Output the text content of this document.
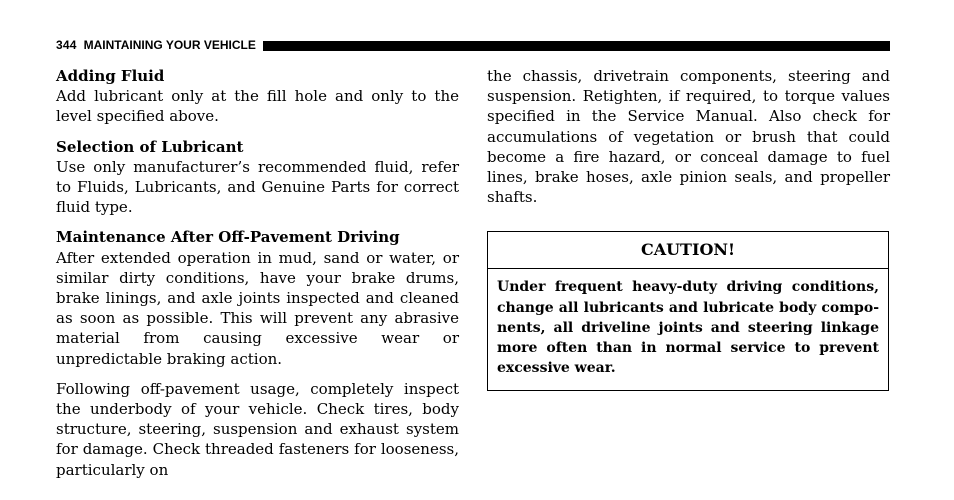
344 MAINTAINING YOUR VEHICLE

Adding Fluid

Add lubricant only at the fill hole and only to the level specified above.

Selection of Lubricant

Use only manufacturer’s recommended fluid, refer to Fluids, Lubricants, and Genuine Parts for correct fluid type.

Maintenance After Off-Pavement Driving

After extended operation in mud, sand or water, or similar dirty conditions, have your brake drums, brake linings, and axle joints inspected and cleaned as soon as possible. This will prevent any abrasive material from causing excessive wear or unpredictable braking action.

Following off-pavement usage, completely inspect the underbody of your vehicle. Check tires, body structure, steering, suspension and exhaust system for damage. Check threaded fasteners for looseness, particularly on

the chassis, drivetrain components, steering and suspension. Retighten, if required, to torque values specified in the Service Manual. Also check for accumulations of vegetation or brush that could become a fire hazard, or conceal damage to fuel lines, brake hoses, axle pinion seals, and propeller shafts.

CAUTION!
Under frequent heavy-duty driving conditions, change all lubricants and lubricate body components, all driveline joints and steering linkage more often than in normal service to prevent excessive wear.
